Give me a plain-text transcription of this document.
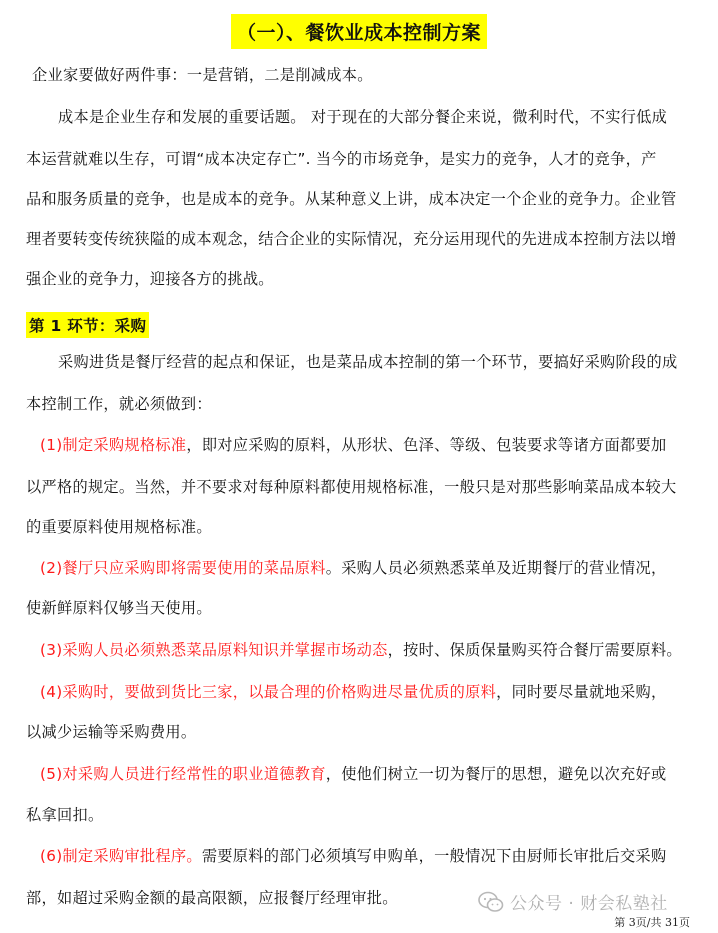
（一）、餐饮业成本控制方案
企业家要做好两件事：一是营销，二是削减成本。
成本是企业生存和发展的重要话题。 对于现在的大部分餐企来说，微利时代，不实行低成
本运营就难以生存，可谓“成本决定存亡”. 当今的市场竞争，是实力的竞争，人才的竞争，产
品和服务质量的竞争，也是成本的竞争。从某种意义上讲，成本决定一个企业的竞争力。企业管
理者要转变传统狭隘的成本观念，结合企业的实际情况，充分运用现代的先进成本控制方法以增
强企业的竞争力，迎接各方的挑战。
第 1 环节：采购
采购进货是餐厅经营的起点和保证，也是菜品成本控制的第一个环节，要搞好采购阶段的成
本控制工作，就必须做到：
(1)制定采购规格标准，即对应采购的原料，从形状、色泽、等级、包装要求等诸方面都要加
以严格的规定。当然，并不要求对每种原料都使用规格标准，一般只是对那些影响菜品成本较大
的重要原料使用规格标准。
(2)餐厅只应采购即将需要使用的菜品原料。采购人员必须熟悉菜单及近期餐厅的营业情况，
使新鲜原料仅够当天使用。
(3)采购人员必须熟悉菜品原料知识并掌握市场动态，按时、保质保量购买符合餐厅需要原料。
(4)采购时，要做到货比三家，以最合理的价格购进尽量优质的原料，同时要尽量就地采购，
以减少运输等采购费用。
(5)对采购人员进行经常性的职业道德教育，使他们树立一切为餐厅的思想，避免以次充好或
私拿回扣。
(6)制定采购审批程序。需要原料的部门必须填写申购单，一般情况下由厨师长审批后交采购
部，如超过采购金额的最高限额，应报餐厅经理审批。	公众号 · 财会私塾社
第 3页/共 31页
